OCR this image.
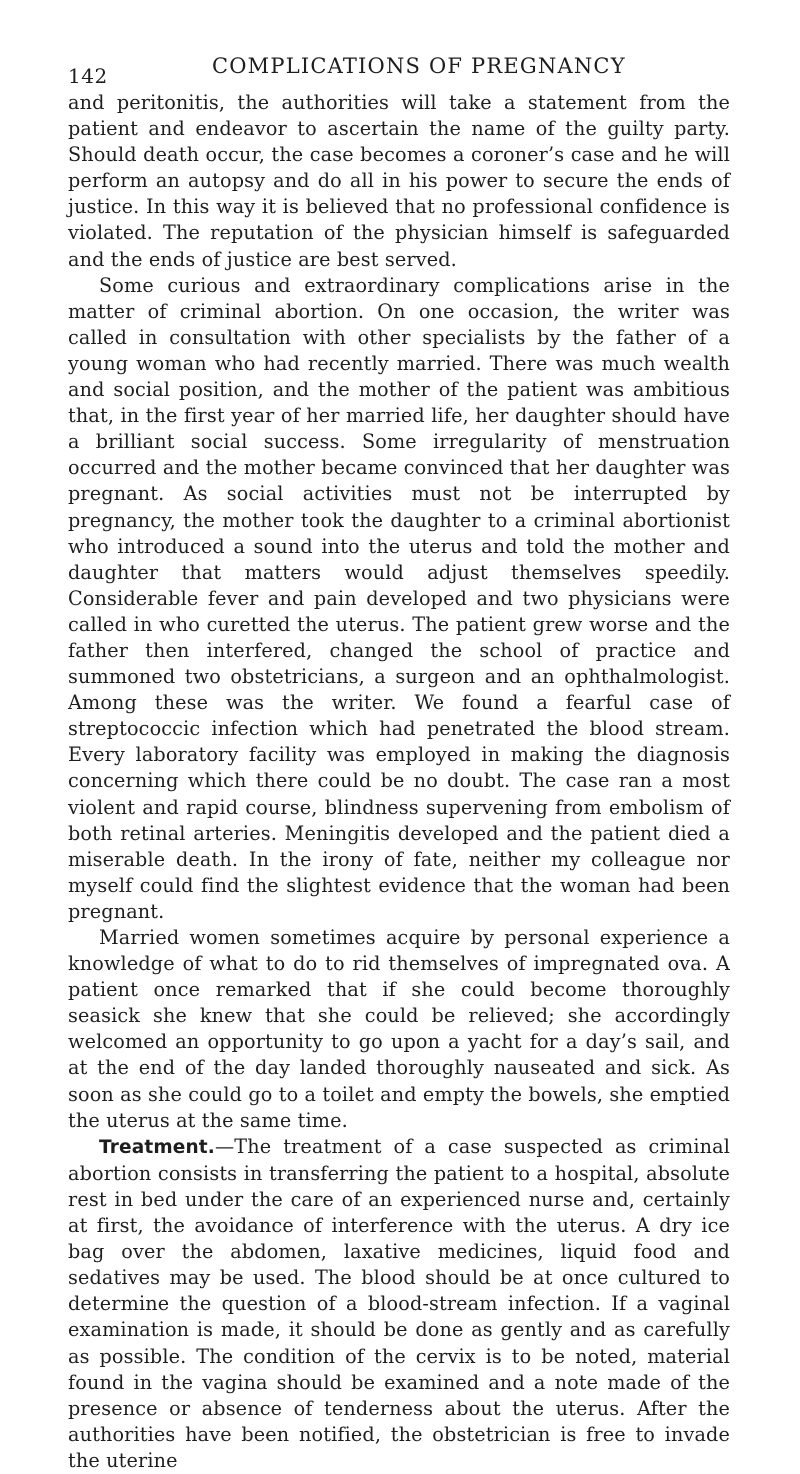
142	COMPLICATIONS OF PREGNANCY

and peritonitis, the authorities will take a statement from the patient and endeavor to ascertain the name of the guilty party. Should death occur, the case becomes a coroner’s case and he will perform an autopsy and do all in his power to secure the ends of justice. In this way it is believed that no professional confidence is violated. The reputation of the physician himself is safeguarded and the ends of justice are best served.

Some curious and extraordinary complications arise in the matter of criminal abortion. On one occasion, the writer was called in consultation with other specialists by the father of a young woman who had recently married. There was much wealth and social position, and the mother of the patient was ambitious that, in the first year of her married life, her daughter should have a brilliant social success. Some irregularity of menstruation occurred and the mother became convinced that her daughter was pregnant. As social activities must not be interrupted by pregnancy, the mother took the daughter to a criminal abortionist who introduced a sound into the uterus and told the mother and daughter that matters would adjust themselves speedily. Considerable fever and pain developed and two physicians were called in who curetted the uterus. The patient grew worse and the father then interfered, changed the school of practice and summoned two obstetricians, a surgeon and an ophthalmologist. Among these was the writer. We found a fearful case of streptococcic infection which had penetrated the blood stream. Every laboratory facility was employed in making the diagnosis concerning which there could be no doubt. The case ran a most violent and rapid course, blindness supervening from embolism of both retinal arteries. Meningitis developed and the patient died a miserable death. In the irony of fate, neither my colleague nor myself could find the slightest evidence that the woman had been pregnant.

Married women sometimes acquire by personal experience a knowledge of what to do to rid themselves of impregnated ova. A patient once remarked that if she could become thoroughly seasick she knew that she could be relieved; she accordingly welcomed an opportunity to go upon a yacht for a day’s sail, and at the end of the day landed thoroughly nauseated and sick. As soon as she could go to a toilet and empty the bowels, she emptied the uterus at the same time.

Treatment.—The treatment of a case suspected as criminal abortion consists in transferring the patient to a hospital, absolute rest in bed under the care of an experienced nurse and, certainly at first, the avoidance of interference with the uterus. A dry ice bag over the abdomen, laxative medicines, liquid food and sedatives may be used. The blood should be at once cultured to determine the question of a blood-stream infection. If a vaginal examination is made, it should be done as gently and as carefully as possible. The condition of the cervix is to be noted, material found in the vagina should be examined and a note made of the presence or absence of tenderness about the uterus. After the authorities have been notified, the obstetrician is free to invade the uterine
